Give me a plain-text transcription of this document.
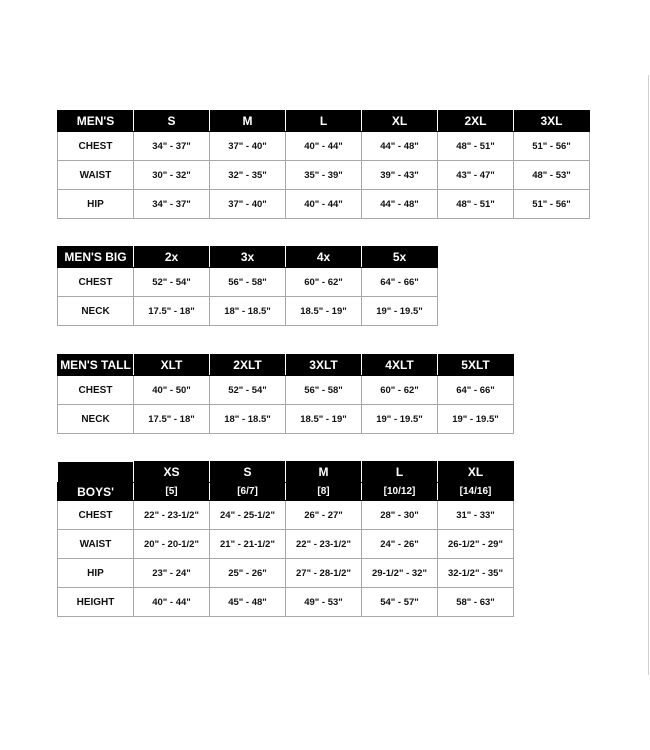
MEN'S	S	M	L	XL	2XL	3XL
CHEST	34" - 37"	37" - 40"	40" - 44"	44" - 48"	48" - 51"	51" - 56"
WAIST	30" - 32"	32" - 35"	35" - 39"	39" - 43"	43" - 47"	48" - 53"
HIP	34" - 37"	37" - 40"	40" - 44"	44" - 48"	48" - 51"	51" - 56"
MEN'S BIG	2x	3x	4x	5x
CHEST	52" - 54"	56" - 58"	60" - 62"	64" - 66"
NECK	17.5" - 18"	18" - 18.5"	18.5" - 19"	19" - 19.5"
MEN'S TALL	XLT	2XLT	3XLT	4XLT	5XLT
CHEST	40" - 50"	52" - 54"	56" - 58"	60" - 62"	64" - 66"
NECK	17.5" - 18"	18" - 18.5"	18.5" - 19"	19" - 19.5"	19" - 19.5"
	XS	S	M	L	XL
BOYS'	[5]	[6/7]	[8]	[10/12]	[14/16]
CHEST	22" - 23-1/2"	24" - 25-1/2"	26" - 27"	28" - 30"	31" - 33"
WAIST	20" - 20-1/2"	21" - 21-1/2"	22" - 23-1/2"	24" - 26"	26-1/2" - 29"
HIP	23" - 24"	25" - 26"	27" - 28-1/2"	29-1/2" - 32"	32-1/2" - 35"
HEIGHT	40" - 44"	45" - 48"	49" - 53"	54" - 57"	58" - 63"
